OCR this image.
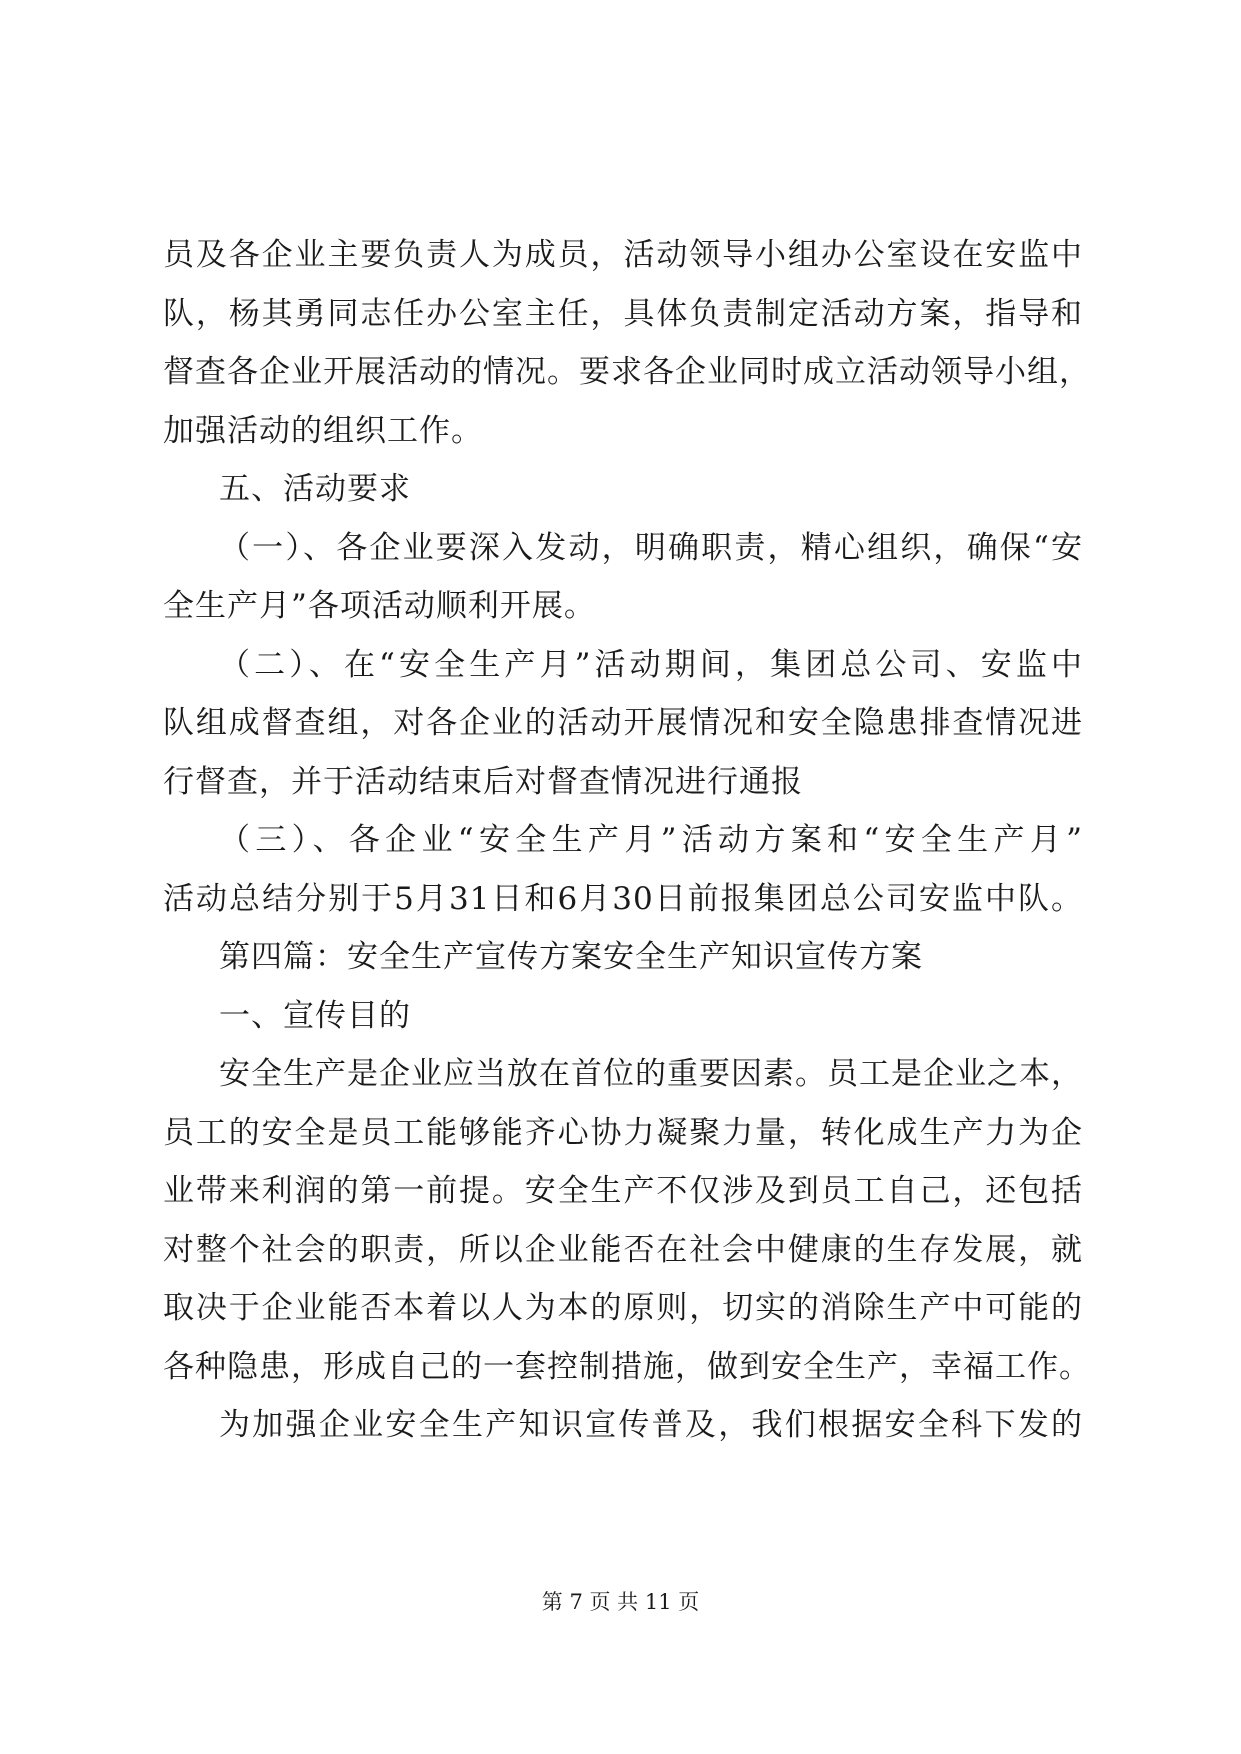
员及各企业主要负责人为成员，活动领导小组办公室设在安监中
队，杨其勇同志任办公室主任，具体负责制定活动方案，指导和
督查各企业开展活动的情况。要求各企业同时成立活动领导小组，
加强活动的组织工作。
五、活动要求
（一）、各企业要深入发动，明确职责，精心组织，确保“安
全生产月”各项活动顺利开展。
（二）、在“安全生产月”活动期间，集团总公司、安监中
队组成督查组，对各企业的活动开展情况和安全隐患排查情况进
行督查，并于活动结束后对督查情况进行通报
（三）、各企业“安全生产月”活动方案和“安全生产月”
活动总结分别于5月31日和6月30日前报集团总公司安监中队。
第四篇：安全生产宣传方案安全生产知识宣传方案
一、宣传目的
安全生产是企业应当放在首位的重要因素。员工是企业之本，
员工的安全是员工能够能齐心协力凝聚力量，转化成生产力为企
业带来利润的第一前提。安全生产不仅涉及到员工自己，还包括
对整个社会的职责，所以企业能否在社会中健康的生存发展，就
取决于企业能否本着以人为本的原则，切实的消除生产中可能的
各种隐患，形成自己的一套控制措施，做到安全生产，幸福工作。
为加强企业安全生产知识宣传普及，我们根据安全科下发的
第 7 页 共 11 页
